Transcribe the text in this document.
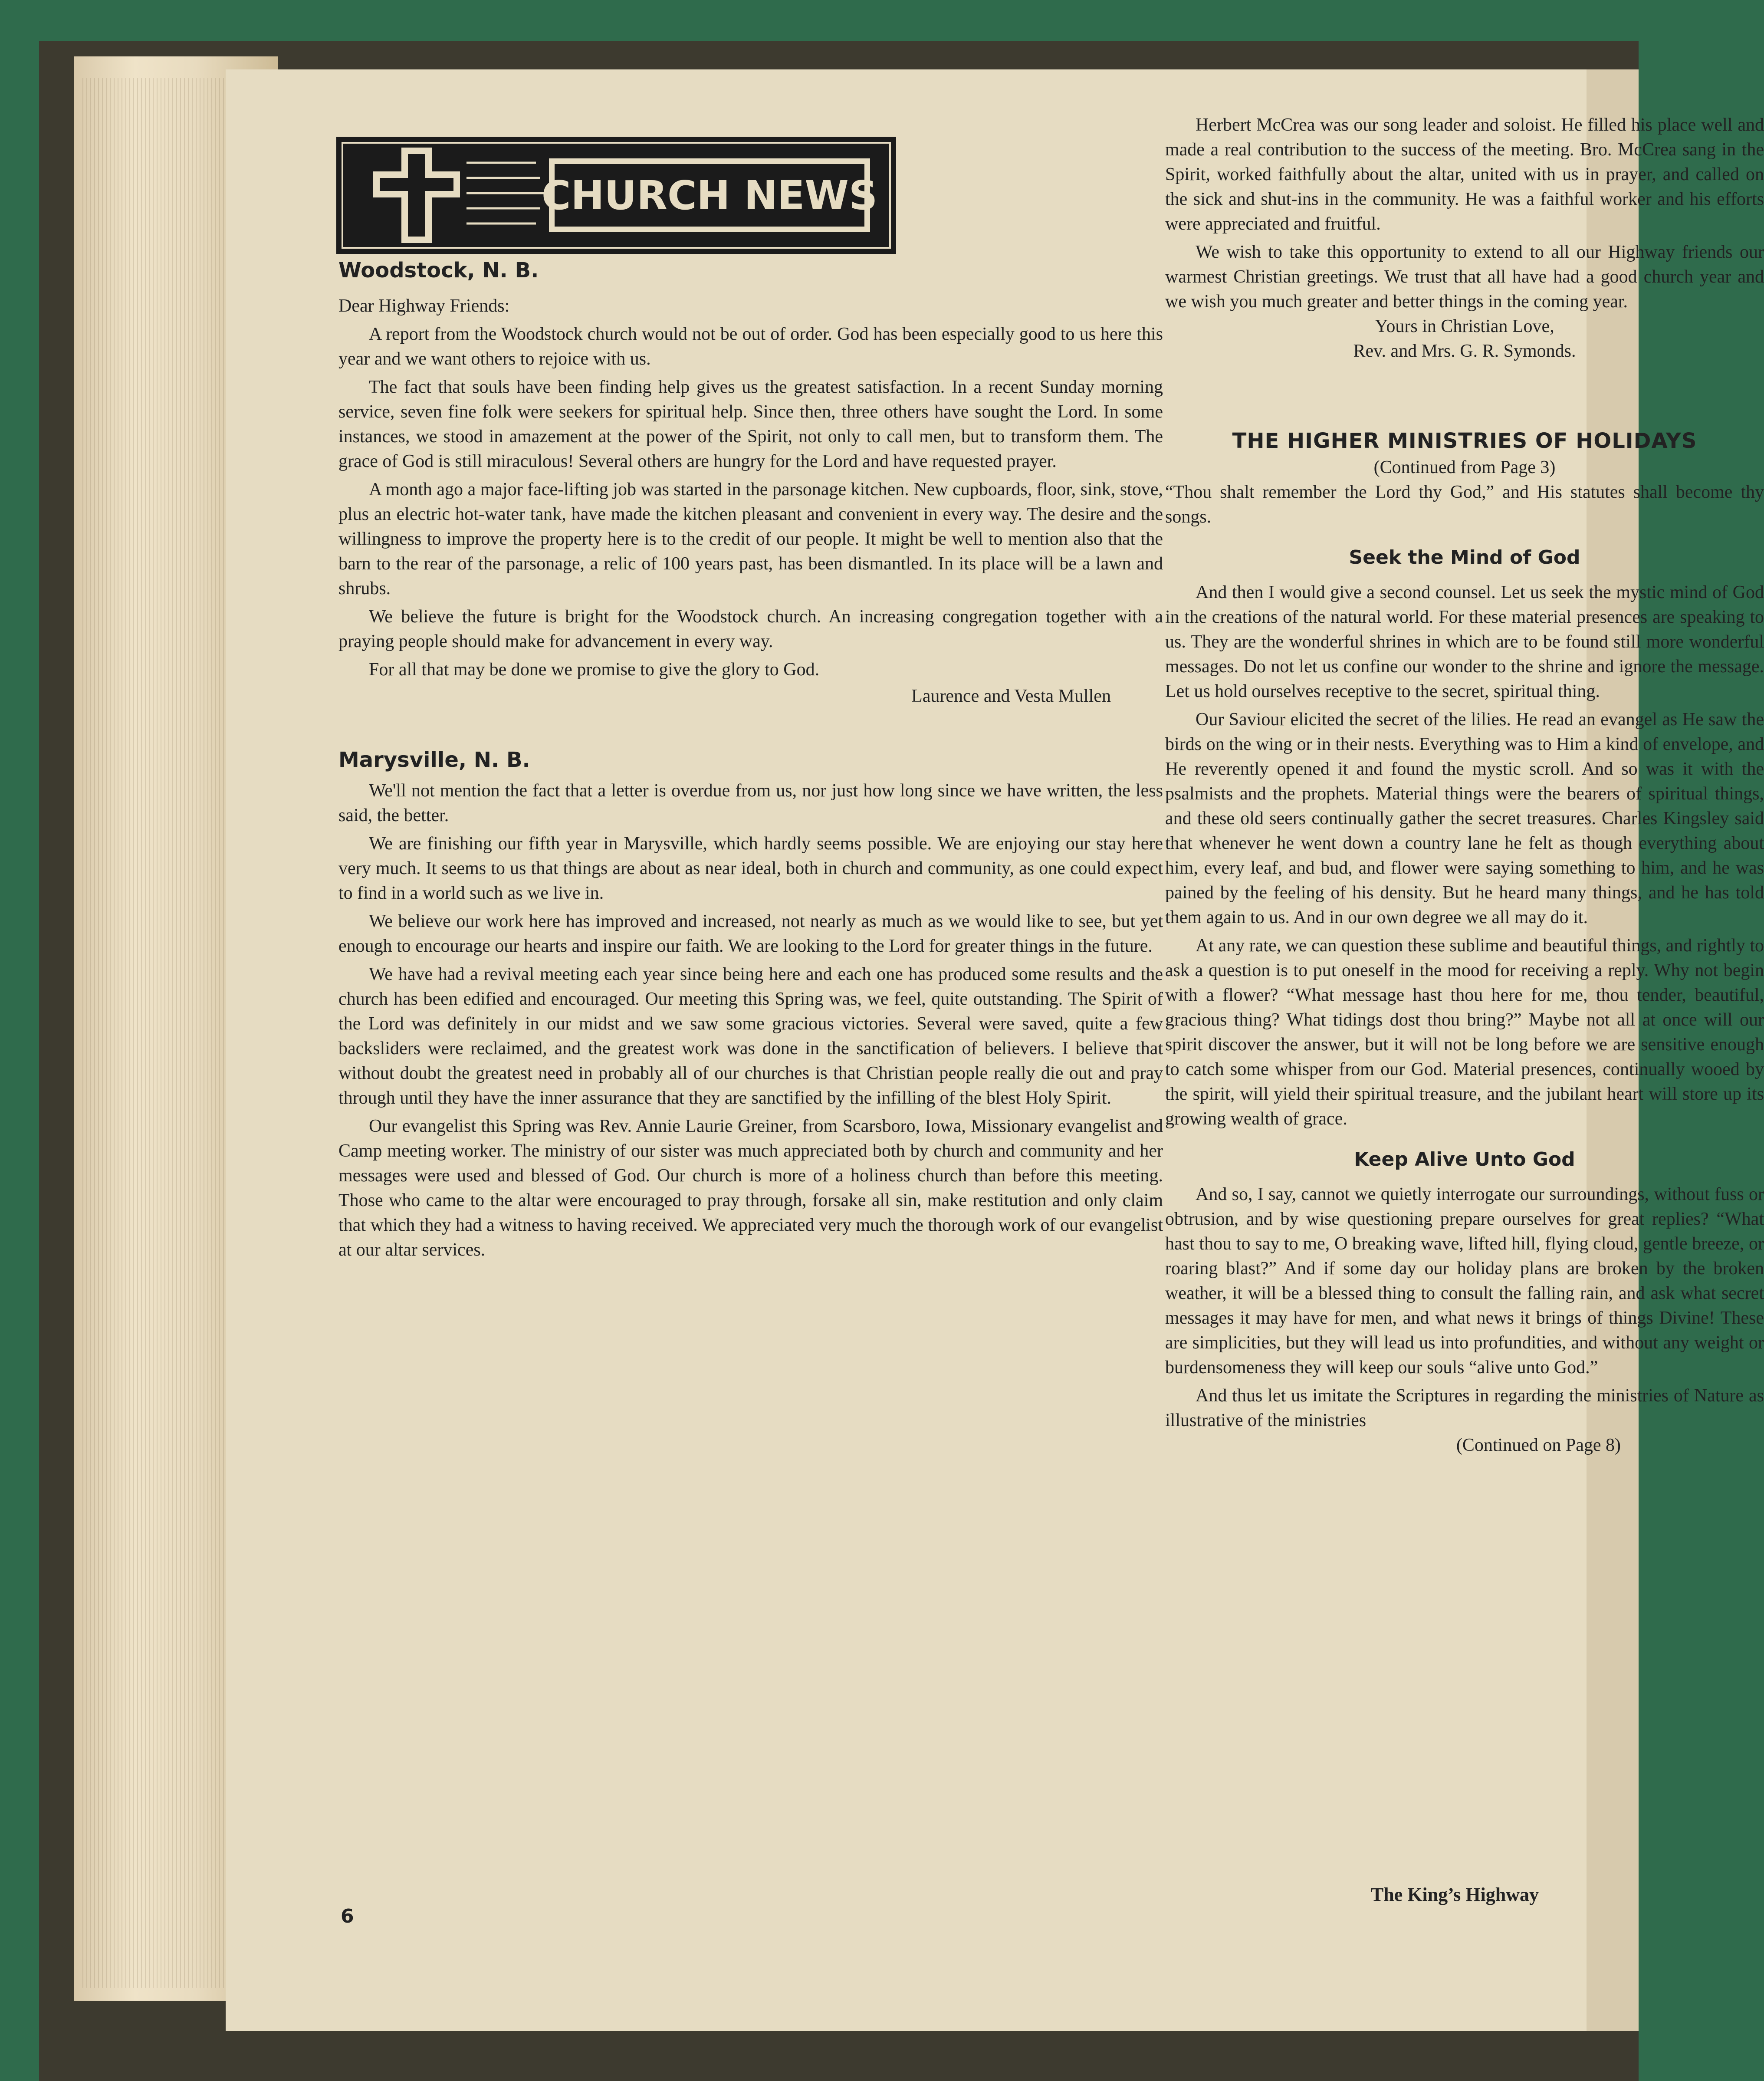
CHURCH NEWS
Woodstock, N. B.

Dear Highway Friends:

A report from the Woodstock church would not be out of order. God has been especially good to us here this year and we want others to rejoice with us.

The fact that souls have been finding help gives us the greatest satisfaction. In a recent Sunday morning service, seven fine folk were seekers for spiritual help. Since then, three others have sought the Lord. In some instances, we stood in amazement at the power of the Spirit, not only to call men, but to transform them. The grace of God is still miraculous! Several others are hungry for the Lord and have requested prayer.

A month ago a major face-lifting job was started in the parsonage kitchen. New cupboards, floor, sink, stove, plus an electric hot-water tank, have made the kitchen pleasant and convenient in every way. The desire and the willingness to improve the property here is to the credit of our people. It might be well to mention also that the barn to the rear of the parsonage, a relic of 100 years past, has been dismantled. In its place will be a lawn and shrubs.

We believe the future is bright for the Woodstock church. An increasing congregation together with a praying people should make for advancement in every way.

For all that may be done we promise to give the glory to God.

Laurence and Vesta Mullen

Marysville, N. B.

We'll not mention the fact that a letter is overdue from us, nor just how long since we have written, the less said, the better.

We are finishing our fifth year in Marysville, which hardly seems possible. We are enjoying our stay here very much. It seems to us that things are about as near ideal, both in church and community, as one could expect to find in a world such as we live in.

We believe our work here has improved and increased, not nearly as much as we would like to see, but yet enough to encourage our hearts and inspire our faith. We are looking to the Lord for greater things in the future.

We have had a revival meeting each year since being here and each one has produced some results and the church has been edified and encouraged. Our meeting this Spring was, we feel, quite outstanding. The Spirit of the Lord was definitely in our midst and we saw some gracious victories. Several were saved, quite a few backsliders were reclaimed, and the greatest work was done in the sanctification of believers. I believe that without doubt the greatest need in probably all of our churches is that Christian people really die out and pray through until they have the inner assurance that they are sanctified by the infilling of the blest Holy Spirit.

Our evangelist this Spring was Rev. Annie Laurie Greiner, from Scarsboro, Iowa, Missionary evangelist and Camp meeting worker. The ministry of our sister was much appreciated both by church and community and her messages were used and blessed of God. Our church is more of a holiness church than before this meeting. Those who came to the altar were encouraged to pray through, forsake all sin, make restitution and only claim that which they had a witness to having received. We appreciated very much the thorough work of our evangelist at our altar services.

Herbert McCrea was our song leader and soloist. He filled his place well and made a real contribution to the success of the meeting. Bro. McCrea sang in the Spirit, worked faithfully about the altar, united with us in prayer, and called on the sick and shut-ins in the community. He was a faithful worker and his efforts were appreciated and fruitful.

We wish to take this opportunity to extend to all our Highway friends our warmest Christian greetings. We trust that all have had a good church year and we wish you much greater and better things in the coming year.

Yours in Christian Love,

Rev. and Mrs. G. R. Symonds.

THE HIGHER MINISTRIES OF HOLIDAYS

(Continued from Page 3)

“Thou shalt remember the Lord thy God,” and His statutes shall become thy songs.

Seek the Mind of God

And then I would give a second counsel. Let us seek the mystic mind of God in the creations of the natural world. For these material presences are speaking to us. They are the wonderful shrines in which are to be found still more wonderful messages. Do not let us confine our wonder to the shrine and ignore the message. Let us hold ourselves receptive to the secret, spiritual thing.

Our Saviour elicited the secret of the lilies. He read an evangel as He saw the birds on the wing or in their nests. Everything was to Him a kind of envelope, and He reverently opened it and found the mystic scroll. And so was it with the psalmists and the prophets. Material things were the bearers of spiritual things, and these old seers continually gather the secret treasures. Charles Kingsley said that whenever he went down a country lane he felt as though everything about him, every leaf, and bud, and flower were saying something to him, and he was pained by the feeling of his density. But he heard many things, and he has told them again to us. And in our own degree we all may do it.

At any rate, we can question these sublime and beautiful things, and rightly to ask a question is to put oneself in the mood for receiving a reply. Why not begin with a flower? “What message hast thou here for me, thou tender, beautiful, gracious thing? What tidings dost thou bring?” Maybe not all at once will our spirit discover the answer, but it will not be long before we are sensitive enough to catch some whisper from our God. Material presences, continually wooed by the spirit, will yield their spiritual treasure, and the jubilant heart will store up its growing wealth of grace.

Keep Alive Unto God

And so, I say, cannot we quietly interrogate our surroundings, without fuss or obtrusion, and by wise questioning prepare ourselves for great replies? “What hast thou to say to me, O breaking wave, lifted hill, flying cloud, gentle breeze, or roaring blast?” And if some day our holiday plans are broken by the broken weather, it will be a blessed thing to consult the falling rain, and ask what secret messages it may have for men, and what news it brings of things Divine! These are simplicities, but they will lead us into profundities, and without any weight or burdensomeness they will keep our souls “alive unto God.”

And thus let us imitate the Scriptures in regarding the ministries of Nature as illustrative of the ministries

(Continued on Page 8)

6
The King’s Highway
